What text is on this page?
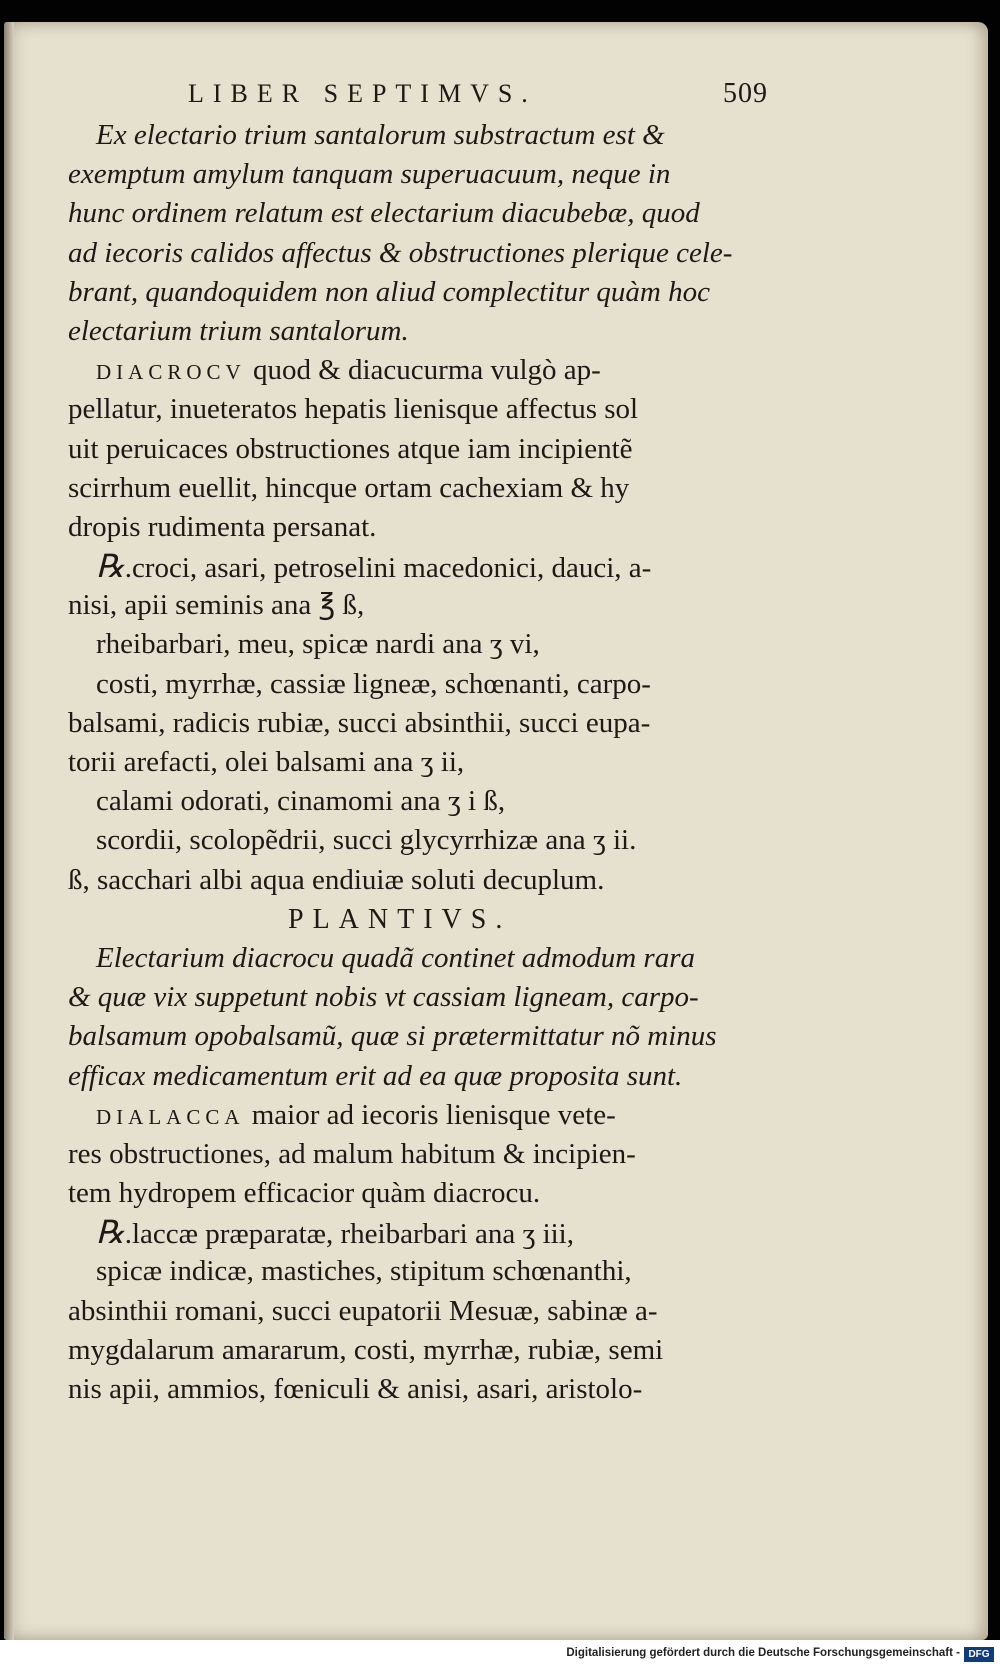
LIBER SEPTIMVS.	509
Ex electario trium santalorum substractum est &
exemptum amylum tanquam superuacuum, neque in
hunc ordinem relatum est electarium diacubebæ, quod
ad iecoris calidos affectus & obstructiones plerique cele-
brant, quandoquidem non aliud complectitur quàm hoc
electarium trium santalorum.
DIACROCV quod & diacucurma vulgò ap-
pellatur, inueteratos hepatis lienisque affectus sol
uit peruicaces obstructiones atque iam incipientẽ
scirrhum euellit, hincque ortam cachexiam & hy
dropis rudimenta persanat.
℞.croci, asari, petroselini macedonici, dauci, a-
nisi, apii seminis ana ℥ ß,
rheibarbari, meu, spicæ nardi ana ʒ vi,
costi, myrrhæ, cassiæ ligneæ, schœnanti, carpo-
balsami, radicis rubiæ, succi absinthii, succi eupa-
torii arefacti, olei balsami ana ʒ ii,
calami odorati, cinamomi ana ʒ i ß,
scordii, scolopẽdrii, succi glycyrrhizæ ana ʒ ii.
ß, sacchari albi aqua endiuiæ soluti decuplum.
PLANTIVS.
Electarium diacrocu quadã continet admodum rara
& quæ vix suppetunt nobis vt cassiam ligneam, carpo-
balsamum opobalsamũ, quæ si prætermittatur nõ minus
efficax medicamentum erit ad ea quæ proposita sunt.
DIALACCA maior ad iecoris lienisque vete-
res obstructiones, ad malum habitum & incipien-
tem hydropem efficacior quàm diacrocu.
℞.laccæ præparatæ, rheibarbari ana ʒ iii,
spicæ indicæ, mastiches, stipitum schœnanthi,
absinthii romani, succi eupatorii Mesuæ, sabinæ a-
mygdalarum amararum, costi, myrrhæ, rubiæ, semi
nis apii, ammios, fœniculi & anisi, asari, aristolo-
Digitalisierung gefördert durch die Deutsche Forschungsgemeinschaft - DFG
